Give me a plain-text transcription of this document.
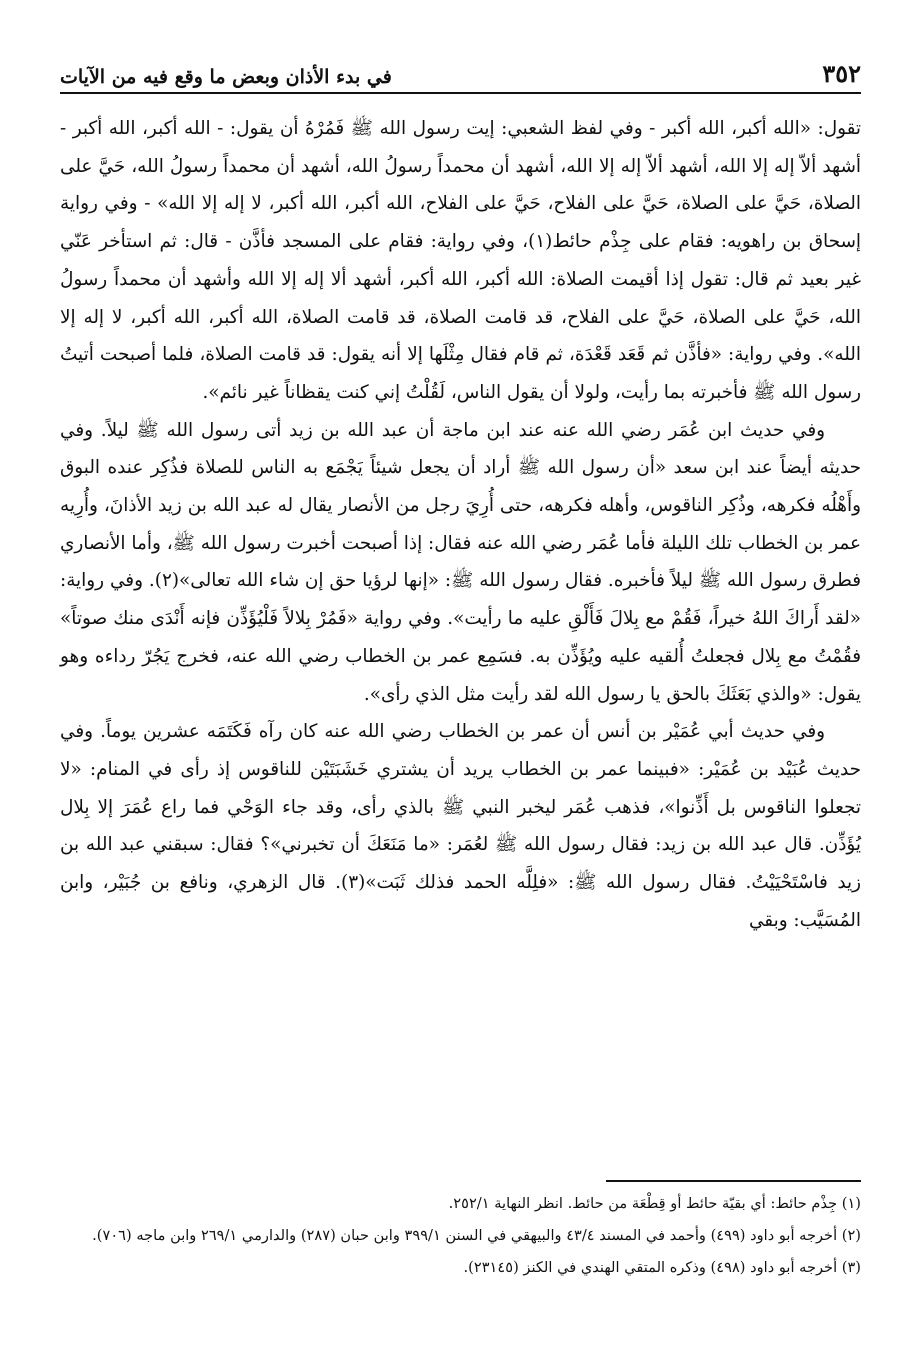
٣٥٢
في بدء الأذان وبعض ما وقع فيه من الآيات

تقول: «الله أكبر، الله أكبر - وفي لفظ الشعبي: إيت رسول الله ﷺ فَمُرْهُ أن يقول: - الله أكبر، الله أكبر - أشهد ألاّ إله إلا الله، أشهد ألاّ إله إلا الله، أشهد أن محمداً رسولُ الله، أشهد أن محمداً رسولُ الله، حَيَّ على الصلاة، حَيَّ على الصلاة، حَيَّ على الفلاح، حَيَّ على الفلاح، الله أكبر، الله أكبر، لا إله إلا الله» - وفي رواية إسحاق بن راهويه: فقام على جِذْم حائط(١)، وفي رواية: فقام على المسجد فأذَّن - قال: ثم استأخر عَنّي غير بعيد ثم قال: تقول إذا أقيمت الصلاة: الله أكبر، الله أكبر، أشهد ألا إله إلا الله وأشهد أن محمداً رسولُ الله، حَيَّ على الصلاة، حَيَّ على الفلاح، قد قامت الصلاة، قد قامت الصلاة، الله أكبر، الله أكبر، لا إله إلا الله». وفي رواية: «فأذَّن ثم قَعَد قَعْدَة، ثم قام فقال مِثْلَها إلا أنه يقول: قد قامت الصلاة، فلما أصبحت أتيتُ رسول الله ﷺ فأخبرته بما رأيت، ولولا أن يقول الناس، لَقُلْتُ إني كنت يقظاناً غير نائم».

وفي حديث ابن عُمَر رضي الله عنه عند ابن ماجة أن عبد الله بن زيد أتى رسول الله ﷺ ليلاً. وفي حديثه أيضاً عند ابن سعد «أن رسول الله ﷺ أراد أن يجعل شيئاً يَجْمَع به الناس للصلاة فذُكِر عنده البوق وأَهْلُه فكرهه، وذُكِر الناقوس، وأهله فكرهه، حتى أُرِيَ رجل من الأنصار يقال له عبد الله بن زيد الأذانَ، وأُرِيه عمر بن الخطاب تلك الليلة فأما عُمَر رضي الله عنه فقال: إذا أصبحت أخبرت رسول الله ﷺ، وأما الأنصاري فطرق رسول الله ﷺ ليلاً فأخبره. فقال رسول الله ﷺ: «إنها لرؤيا حق إن شاء الله تعالى»(٢). وفي رواية: «لقد أَراكَ اللهُ خيراً، فَقُمْ مع بِلالَ فَأَلْقِ عليه ما رأيت». وفي رواية «فَمُرْ بِلالاً فَلْيُؤَذِّن فإنه أَنْدَى منك صوتاً» فقُمْتُ مع بِلال فجعلتُ أُلقيه عليه ويُؤَذِّن به. فسَمِع عمر بن الخطاب رضي الله عنه، فخرج يَجُرّ رداءه وهو يقول: «والذي بَعَثَكَ بالحق يا رسول الله لقد رأيت مثل الذي رأى».

وفي حديث أبي عُمَيْر بن أنس أن عمر بن الخطاب رضي الله عنه كان رآه فَكَتَمَه عشرين يوماً. وفي حديث عُبَيْد بن عُمَيْر: «فبينما عمر بن الخطاب يريد أن يشتري خَشَبَتَيْن للناقوس إذ رأى في المنام: «لا تجعلوا الناقوس بل أَذِّنوا»، فذهب عُمَر ليخبر النبي ﷺ بالذي رأى، وقد جاء الوَحْي فما راع عُمَرَ إلا بِلال يُؤَذِّن. قال عبد الله بن زيد: فقال رسول الله ﷺ لعُمَر: «ما مَنَعَكَ أن تخبرني»؟ فقال: سبقني عبد الله بن زيد فاسْتَحْيَيْتُ. فقال رسول الله ﷺ: «فلِلَّه الحمد فذلك ثَبَت»(٣). قال الزهري، ونافع بن جُبَيْر، وابن المُسَيَّب: وبقي

(١) جِذْم حائط: أي بقيّة حائط أو قِطْعَة من حائط. انظر النهاية ٢٥٢/١.

(٢) أخرجه أبو داود (٤٩٩) وأحمد في المسند ٤٣/٤ والبيهقي في السنن ٣٩٩/١ وابن حبان (٢٨٧) والدارمي ٢٦٩/١ وابن ماجه (٧٠٦).

(٣) أخرجه أبو داود (٤٩٨) وذكره المتقي الهندي في الكنز (٢٣١٤٥).
